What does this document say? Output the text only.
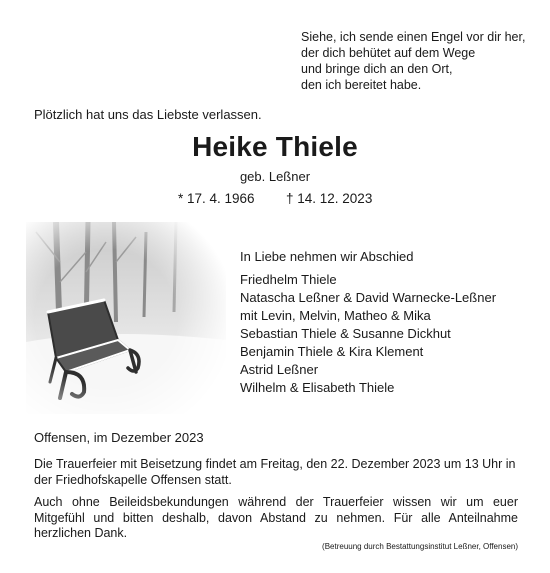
Siehe, ich sende einen Engel vor dir her,
der dich behütet auf dem Wege
und bringe dich an den Ort,
den ich bereitet habe.
Plötzlich hat uns das Liebste verlassen.
Heike Thiele
geb. Leßner
* 17. 4. 1966 † 14. 12. 2023
In Liebe nehmen wir Abschied
Friedhelm Thiele
Natascha Leßner & David Warnecke-Leßner
mit Levin, Melvin, Matheo & Mika
Sebastian Thiele & Susanne Dickhut
Benjamin Thiele & Kira Klement
Astrid Leßner
Wilhelm & Elisabeth Thiele
Offensen, im Dezember 2023
Die Trauerfeier mit Beisetzung findet am Freitag, den 22. Dezember 2023 um 13 Uhr in der Friedhofskapelle Offensen statt.
Auch ohne Beileidsbekundungen während der Trauerfeier wissen wir um euer Mitgefühl und bitten deshalb, davon Abstand zu nehmen. Für alle Anteilnahme herzlichen Dank.
(Betreuung durch Bestattungsinstitut Leßner, Offensen)
